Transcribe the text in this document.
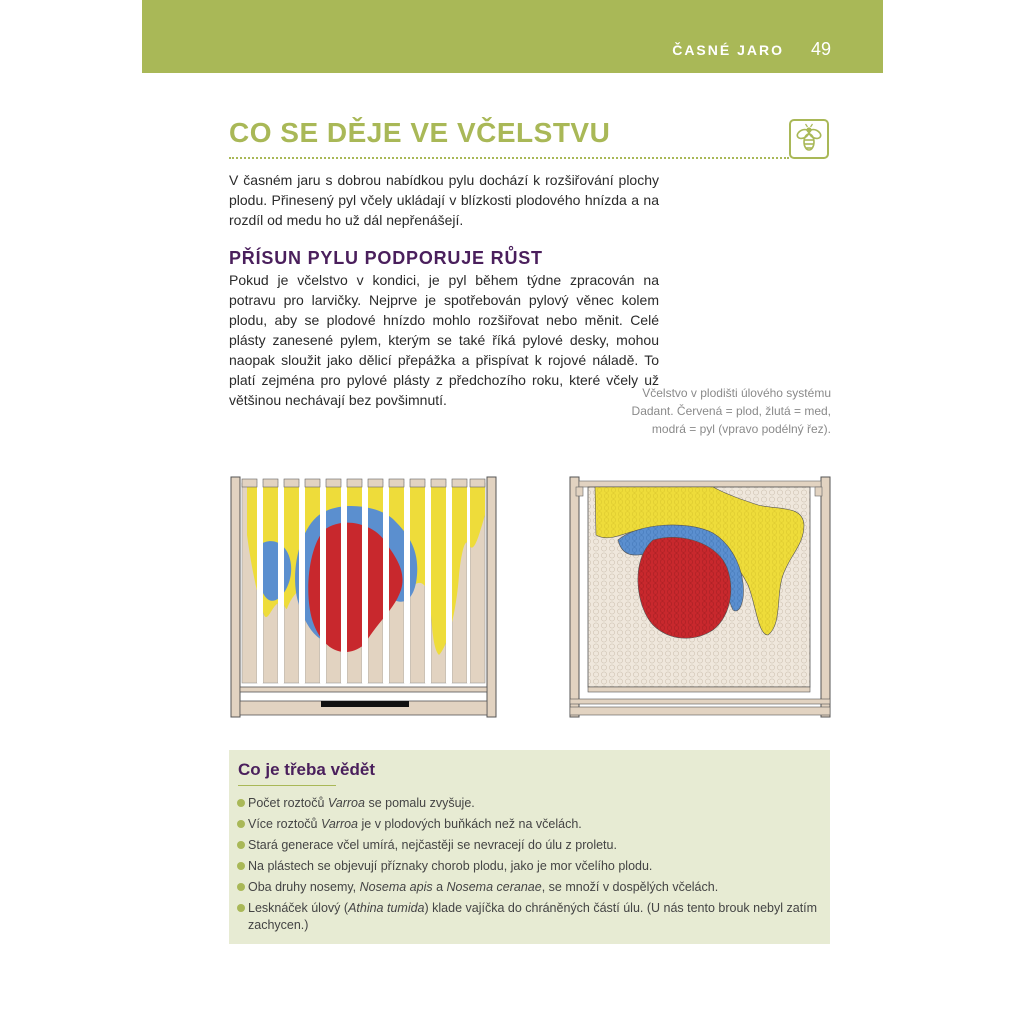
ČASNÉ JARO 49
CO SE DĚJE VE VČELSTVU

V časném jaru s dobrou nabídkou pylu dochází k rozšiřování plochy plodu. Přinesený pyl včely ukládají v blízkosti plodového hnízda a na rozdíl od medu ho už dál nepřenášejí.

PŘÍSUN PYLU PODPORUJE RŮST

Pokud je včelstvo v kondici, je pyl během týdne zpracován na potravu pro larvičky. Nejprve je spotřebován pylový věnec kolem plodu, aby se plodové hnízdo mohlo rozšiřovat nebo měnit. Celé plásty zanesené pylem, kterým se také říká pylové desky, mohou naopak sloužit jako dělicí přepážka a přispívat k rojové náladě. To platí zejména pro pylové plásty z předchozího roku, které včely už většinou nechávají bez povšimnutí.	Včelstvo v plodišti úlového systému Dadant. Červená = plod, žlutá = med, modrá = pyl (vpravo podélný řez).

Co je třeba vědět
Počet roztočů Varroa se pomalu zvyšuje.
Více roztočů Varroa je v plodových buňkách než na včelách.
Stará generace včel umírá, nejčastěji se nevracejí do úlu z proletu.
Na plástech se objevují příznaky chorob plodu, jako je mor včelího plodu.
Oba druhy nosemy, Nosema apis a Nosema ceranae, se množí v dospělých včelách.
Lesknáček úlový (Athina tumida) klade vajíčka do chráněných částí úlu. (U nás tento brouk nebyl zatím zachycen.)
